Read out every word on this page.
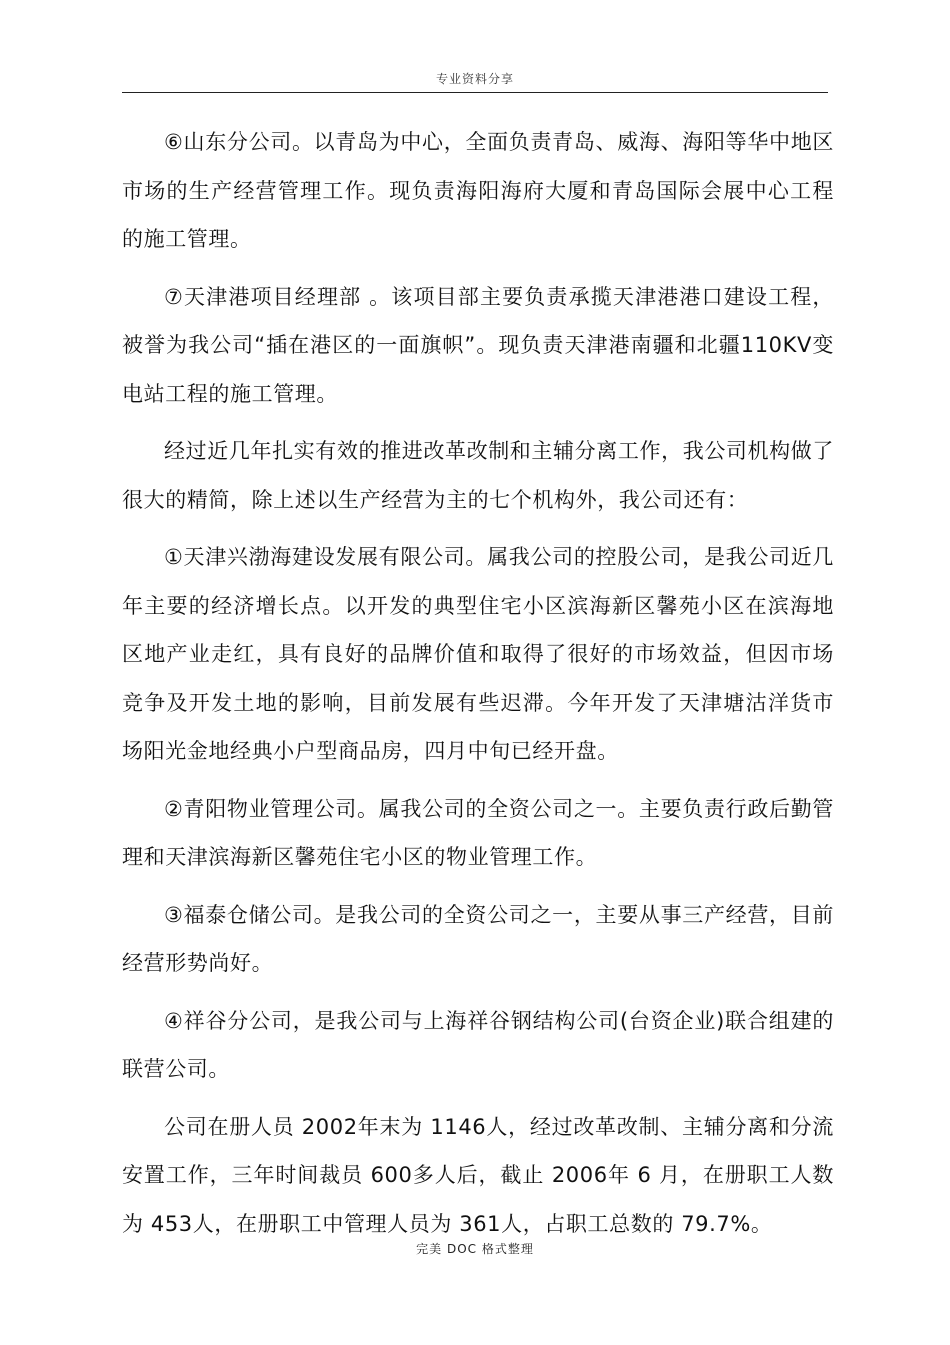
专业资料分享

⑥山东分公司。以青岛为中心，全面负责青岛、威海、海阳等华中地区市场的生产经营管理工作。现负责海阳海府大厦和青岛国际会展中心工程的施工管理。

⑦天津港项目经理部 。该项目部主要负责承揽天津港港口建设工程，被誉为我公司“插在港区的一面旗帜”。现负责天津港南疆和北疆110KV变电站工程的施工管理。

经过近几年扎实有效的推进改革改制和主辅分离工作，我公司机构做了很大的精简，除上述以生产经营为主的七个机构外，我公司还有：

①天津兴渤海建设发展有限公司。属我公司的控股公司，是我公司近几年主要的经济增长点。以开发的典型住宅小区滨海新区馨苑小区在滨海地区地产业走红，具有良好的品牌价值和取得了很好的市场效益，但因市场竞争及开发土地的影响，目前发展有些迟滞。今年开发了天津塘沽洋货市场阳光金地经典小户型商品房，四月中旬已经开盘。

②青阳物业管理公司。属我公司的全资公司之一。主要负责行政后勤管理和天津滨海新区馨苑住宅小区的物业管理工作。

③福泰仓储公司。是我公司的全资公司之一，主要从事三产经营，目前经营形势尚好。

④祥谷分公司，是我公司与上海祥谷钢结构公司(台资企业)联合组建的联营公司。

公司在册人员 2002年末为 1146人，经过改革改制、主辅分离和分流安置工作，三年时间裁员 600多人后，截止 2006年 6 月，在册职工人数为 453人，在册职工中管理人员为 361人，占职工总数的 79.7%。

完美 DOC 格式整理
